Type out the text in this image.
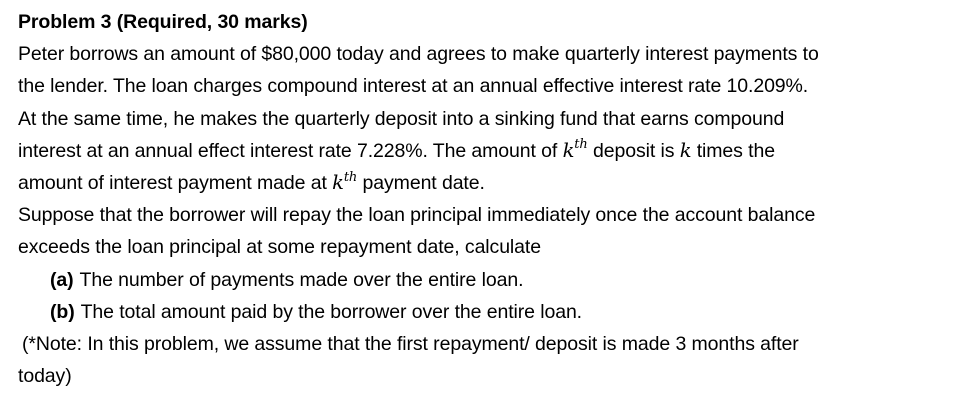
Problem 3 (Required, 30 marks)
Peter borrows an amount of $80,000 today and agrees to make quarterly interest payments to
the lender. The loan charges compound interest at an annual effective interest rate 10.209%.
At the same time, he makes the quarterly deposit into a sinking fund that earns compound
interest at an annual effect interest rate 7.228%. The amount of $k^{th}$ deposit is k times the
amount of interest payment made at $k^{th}$ payment date.
Suppose that the borrower will repay the loan principal immediately once the account balance
exceeds the loan principal at some repayment date, calculate
(a) The number of payments made over the entire loan.
(b) The total amount paid by the borrower over the entire loan.
(*Note: In this problem, we assume that the first repayment/ deposit is made 3 months after
today)
